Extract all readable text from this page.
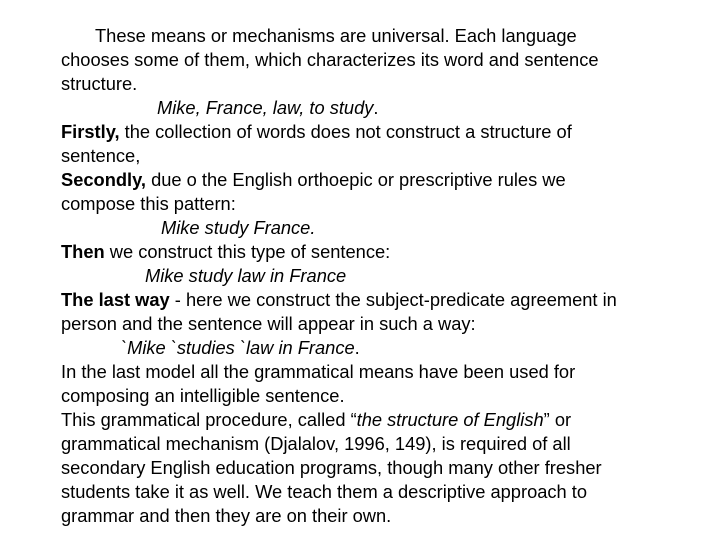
These means or mechanisms are universal. Each language
chooses some of them, which characterizes its word and sentence
structure.
Mike, France, law, to study.
Firstly, the collection of words does not construct a structure of
sentence,
Secondly, due o the English orthoepic or prescriptive rules we
compose this pattern:
Mike study France.
Then we construct this type of sentence:
Mike study law in France
The last way - here we construct the subject-predicate agreement in
person and the sentence will appear in such a way:
`Mike `studies `law in France.
In the last model all the grammatical means have been used for
composing an intelligible sentence.
This grammatical procedure, called “the structure of English” or
grammatical mechanism (Djalalov, 1996, 149), is required of all
secondary English education programs, though many other fresher
students take it as well. We teach them a descriptive approach to
grammar and then they are on their own.
